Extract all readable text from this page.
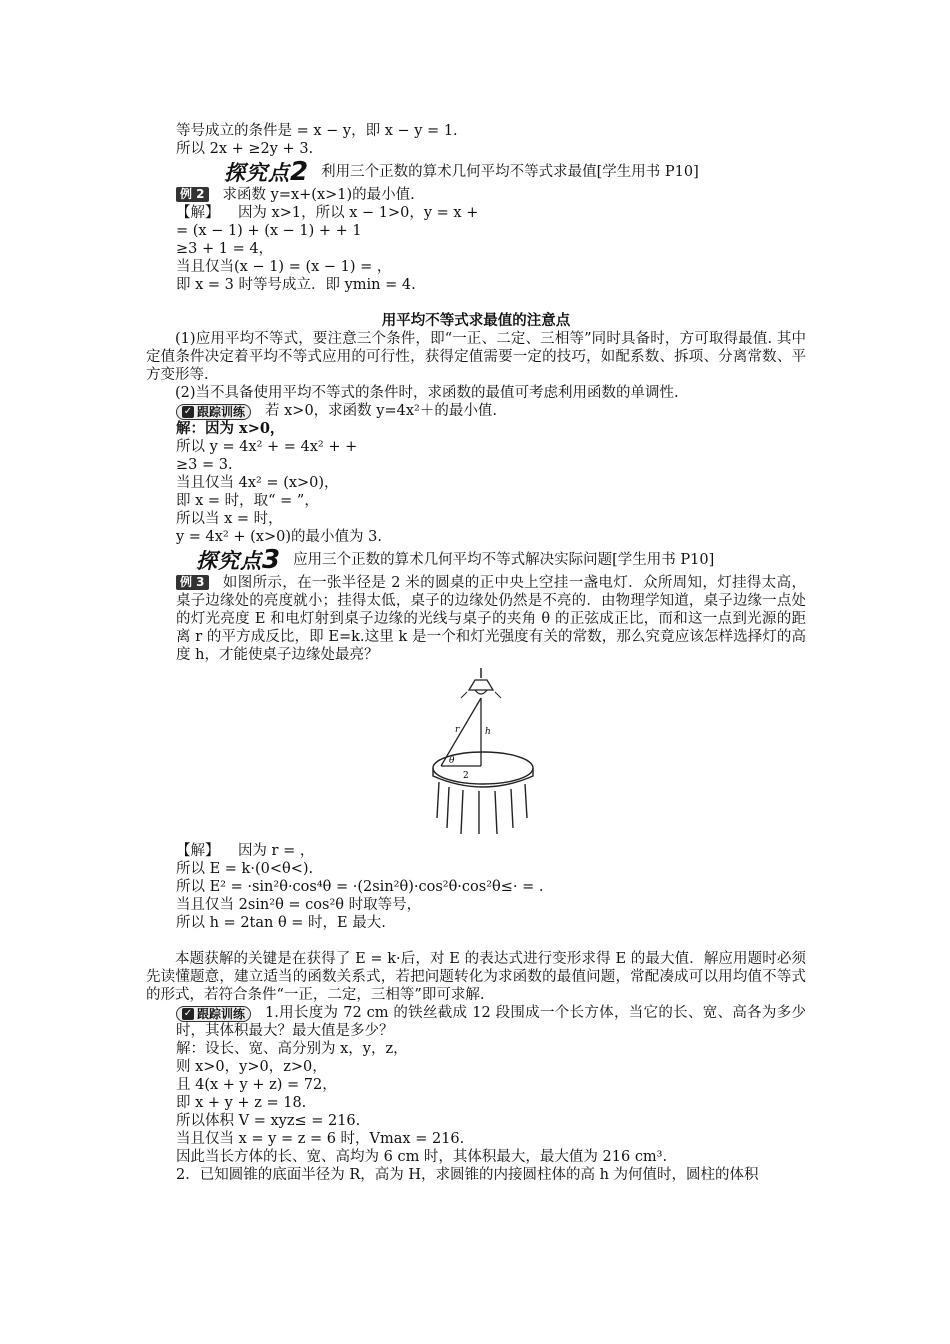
等号成立的条件是 = x − y，即 x − y = 1.
所以 2x + ≥2y + 3.
探究点2 利用三个正数的算术几何平均不等式求最值[学生用书 P10]
例 2 求函数 y=x+(x>1)的最小值.
【解】 因为 x>1，所以 x − 1>0，y = x +
= (x − 1) + (x − 1) + + 1
≥3 + 1 = 4，
当且仅当(x − 1) = (x − 1) = ，
即 x = 3 时等号成立．即 ymin = 4.
用平均不等式求最值的注意点
(1)应用平均不等式，要注意三个条件，即“一正、二定、三相等”同时具备时，方可取得最值. 其中定值条件决定着平均不等式应用的可行性，获得定值需要一定的技巧，如配系数、拆项、分离常数、平方变形等.
(2)当不具备使用平均不等式的条件时，求函数的最值可考虑利用函数的单调性.
✓ 跟踪训练 若 x>0，求函数 y=4x²＋的最小值.
解：因为 x>0，
所以 y = 4x² + = 4x² + +
≥3 = 3.
当且仅当 4x² = (x>0)，
即 x = 时，取“ = ”，
所以当 x = 时，
y = 4x² + (x>0)的最小值为 3.
探究点3 应用三个正数的算术几何平均不等式解决实际问题[学生用书 P10]
例 3 如图所示，在一张半径是 2 米的圆桌的正中央上空挂一盏电灯．众所周知，灯挂得太高，桌子边缘处的亮度就小；挂得太低，桌子的边缘处仍然是不亮的．由物理学知道，桌子边缘一点处的灯光亮度 E 和电灯射到桌子边缘的光线与桌子的夹角 θ 的正弦成正比，而和这一点到光源的距离 r 的平方成反比，即 E=k.这里 k 是一个和灯光强度有关的常数，那么究竟应该怎样选择灯的高度 h，才能使桌子边缘处最亮？
r	h
θ
2
【解】 因为 r = ，
所以 E = k·(0<θ<).
所以 E² = ·sin²θ·cos⁴θ = ·(2sin²θ)·cos²θ·cos²θ≤· = .
当且仅当 2sin²θ = cos²θ 时取等号，
所以 h = 2tan θ = 时，E 最大.
本题获解的关键是在获得了 E = k·后，对 E 的表达式进行变形求得 E 的最大值．解应用题时必须先读懂题意，建立适当的函数关系式，若把问题转化为求函数的最值问题，常配凑成可以用均值不等式的形式，若符合条件“一正，二定，三相等”即可求解.
✓ 跟踪训练 1.用长度为 72 cm 的铁丝截成 12 段围成一个长方体，当它的长、宽、高各为多少时，其体积最大？最大值是多少？
解：设长、宽、高分别为 x，y，z，
则 x>0，y>0，z>0，
且 4(x + y + z) = 72，
即 x + y + z = 18.
所以体积 V = xyz≤ = 216.
当且仅当 x = y = z = 6 时，Vmax = 216.
因此当长方体的长、宽、高均为 6 cm 时，其体积最大，最大值为 216 cm³.
2．已知圆锥的底面半径为 R，高为 H，求圆锥的内接圆柱体的高 h 为何值时，圆柱的体积
